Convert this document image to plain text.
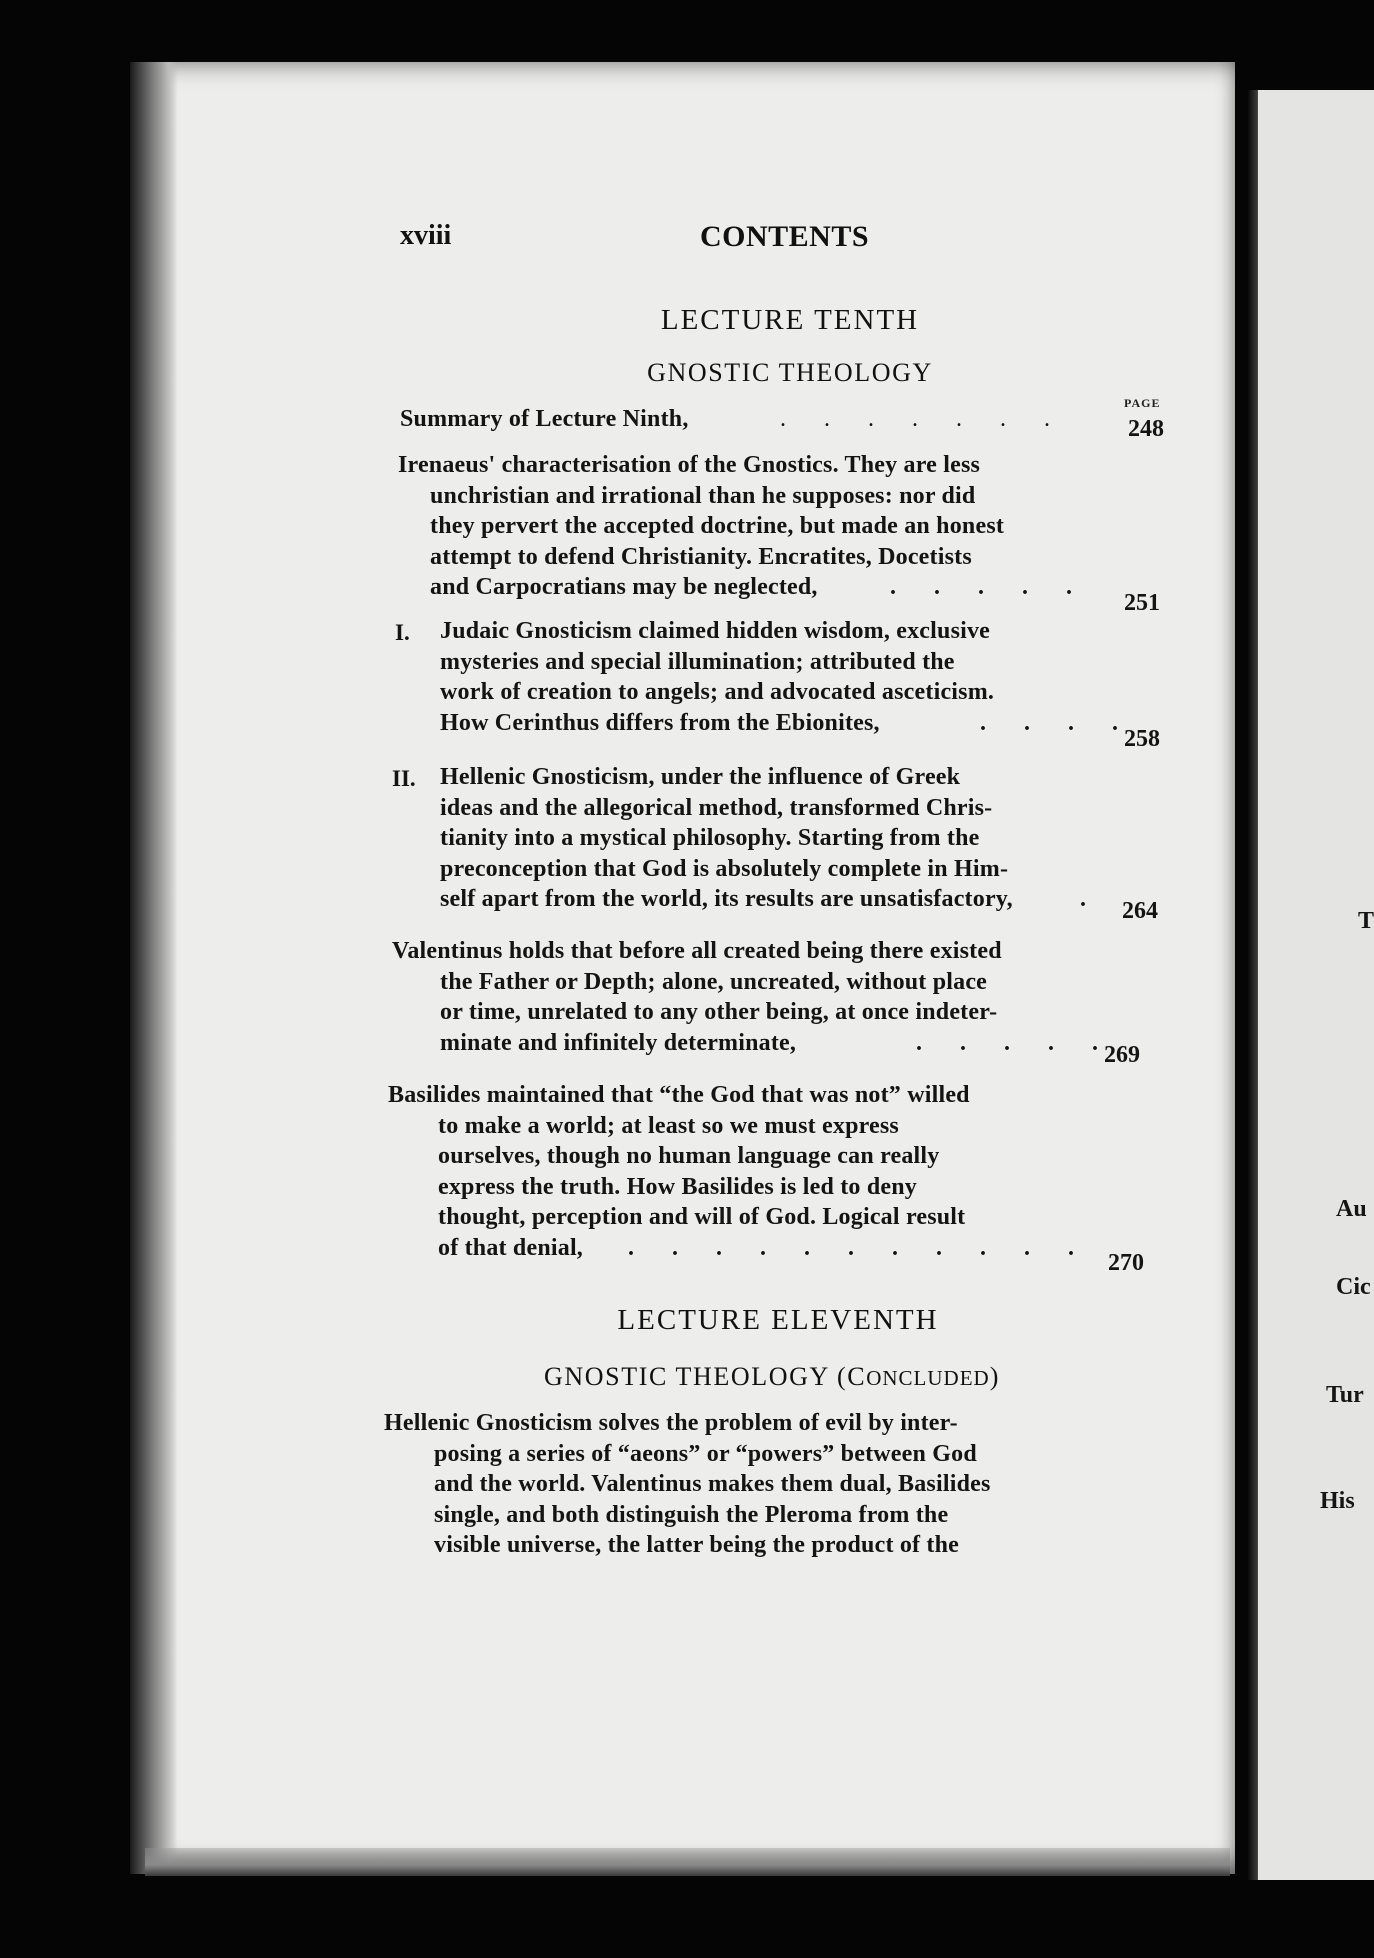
T
Au
Cic
Tur
His
xviii	CONTENTS
LECTURE TENTH
GNOSTIC THEOLOGY
PAGE
Summary of Lecture Ninth,	. . . . . . .	248
Irenaeus' characterisation of the Gnostics. They are less
unchristian and irrational than he supposes: nor did
they pervert the accepted doctrine, but made an honest
attempt to defend Christianity. Encratites, Docetists
and Carpocratians may be neglected,	. . . . .
251
I. Judaic Gnosticism claimed hidden wisdom, exclusive
mysteries and special illumination; attributed the
work of creation to angels; and advocated asceticism.
How Cerinthus differs from the Ebionites,	. . . .
258
II. Hellenic Gnosticism, under the influence of Greek
ideas and the allegorical method, transformed Chris-
tianity into a mystical philosophy. Starting from the
preconception that God is absolutely complete in Him-
self apart from the world, its results are unsatisfactory,	. 264
Valentinus holds that before all created being there existed
the Father or Depth; alone, uncreated, without place
or time, unrelated to any other being, at once indeter-
minate and infinitely determinate,	. . . . .
269
Basilides maintained that “the God that was not” willed
to make a world; at least so we must express
ourselves, though no human language can really
express the truth. How Basilides is led to deny
thought, perception and will of God. Logical result
of that denial,	. . . . . . . . . . .
270
LECTURE ELEVENTH
GNOSTIC THEOLOGY (CONCLUDED)
Hellenic Gnosticism solves the problem of evil by inter-
posing a series of “aeons” or “powers” between God
and the world. Valentinus makes them dual, Basilides
single, and both distinguish the Pleroma from the
visible universe, the latter being the product of the
